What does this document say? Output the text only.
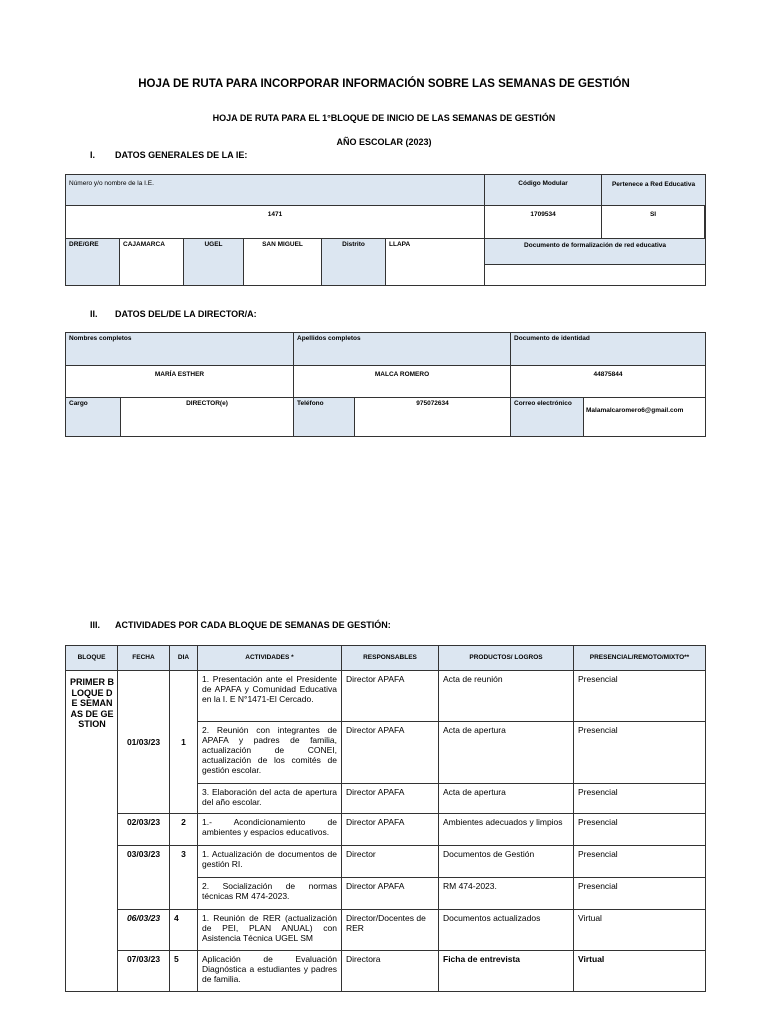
HOJA DE RUTA PARA INCORPORAR INFORMACIÓN SOBRE LAS SEMANAS DE GESTIÓN
HOJA DE RUTA PARA EL 1°BLOQUE DE INICIO DE LAS SEMANAS DE GESTIÓN
AÑO ESCOLAR (2023)
I. DATOS GENERALES DE LA IE:
Número y/o nombre de la I.E.						Código Modular	Pertenece a Red Educativa
1471						1709534	SI

DRE/GRE	CAJAMARCA	UGEL	SAN MIGUEL	Distrito	LLAPA	Documento de formalización de red educativa	
II. DATOS DEL/DE LA DIRECTOR/A:
Nombres completos		Apellidos completos		Documento de identidad	
MARÍA ESTHER		MALCA ROMERO		44875844	
Cargo	DIRECTOR(e)	Teléfono	975072634	Correo electrónico	Malamalcaromero6@gmail.com
III. ACTIVIDADES POR CADA BLOQUE DE SEMANAS DE GESTIÓN:
BLOQUE	FECHA	DIA	ACTIVIDADES *	RESPONSABLES	PRODUCTOS/ LOGROS	PRESENCIAL/REMOTO/MIXTO**

PRIMER BLOQUE DE SEMANAS DE GESTION	01/03/23	1	1. Presentación ante el Presidente de APAFA y Comunidad Educativa en la I. E N°1471-El Cercado.	Director APAFA	Acta de reunión	Presencial
			2. Reunión con integrantes de APAFA y padres de familia, actualización de CONEI, actualización de los comités de gestión escolar.	Director APAFA	Acta de apertura	Presencial
			3. Elaboración del acta de apertura del año escolar.	Director APAFA	Acta de apertura	Presencial
	02/03/23	2	1.- Acondicionamiento de ambientes y espacios educativos.	Director APAFA	Ambientes adecuados y limpios	Presencial
	03/03/23	3	1. Actualización de documentos de gestión RI.	Director	Documentos de Gestión	Presencial
			2. Socialización de normas técnicas RM 474-2023.	Director APAFA	RM 474-2023.	Presencial
	06/03/23	4	1. Reunión de RER (actualización de PEI, PLAN ANUAL) con Asistencia Técnica UGEL SM	Director/Docentes de RER	Documentos actualizados	Virtual
	07/03/23	5	Aplicación de Evaluación Diagnóstica a estudiantes y padres de familia.	Directora	Ficha de entrevista	Virtual
